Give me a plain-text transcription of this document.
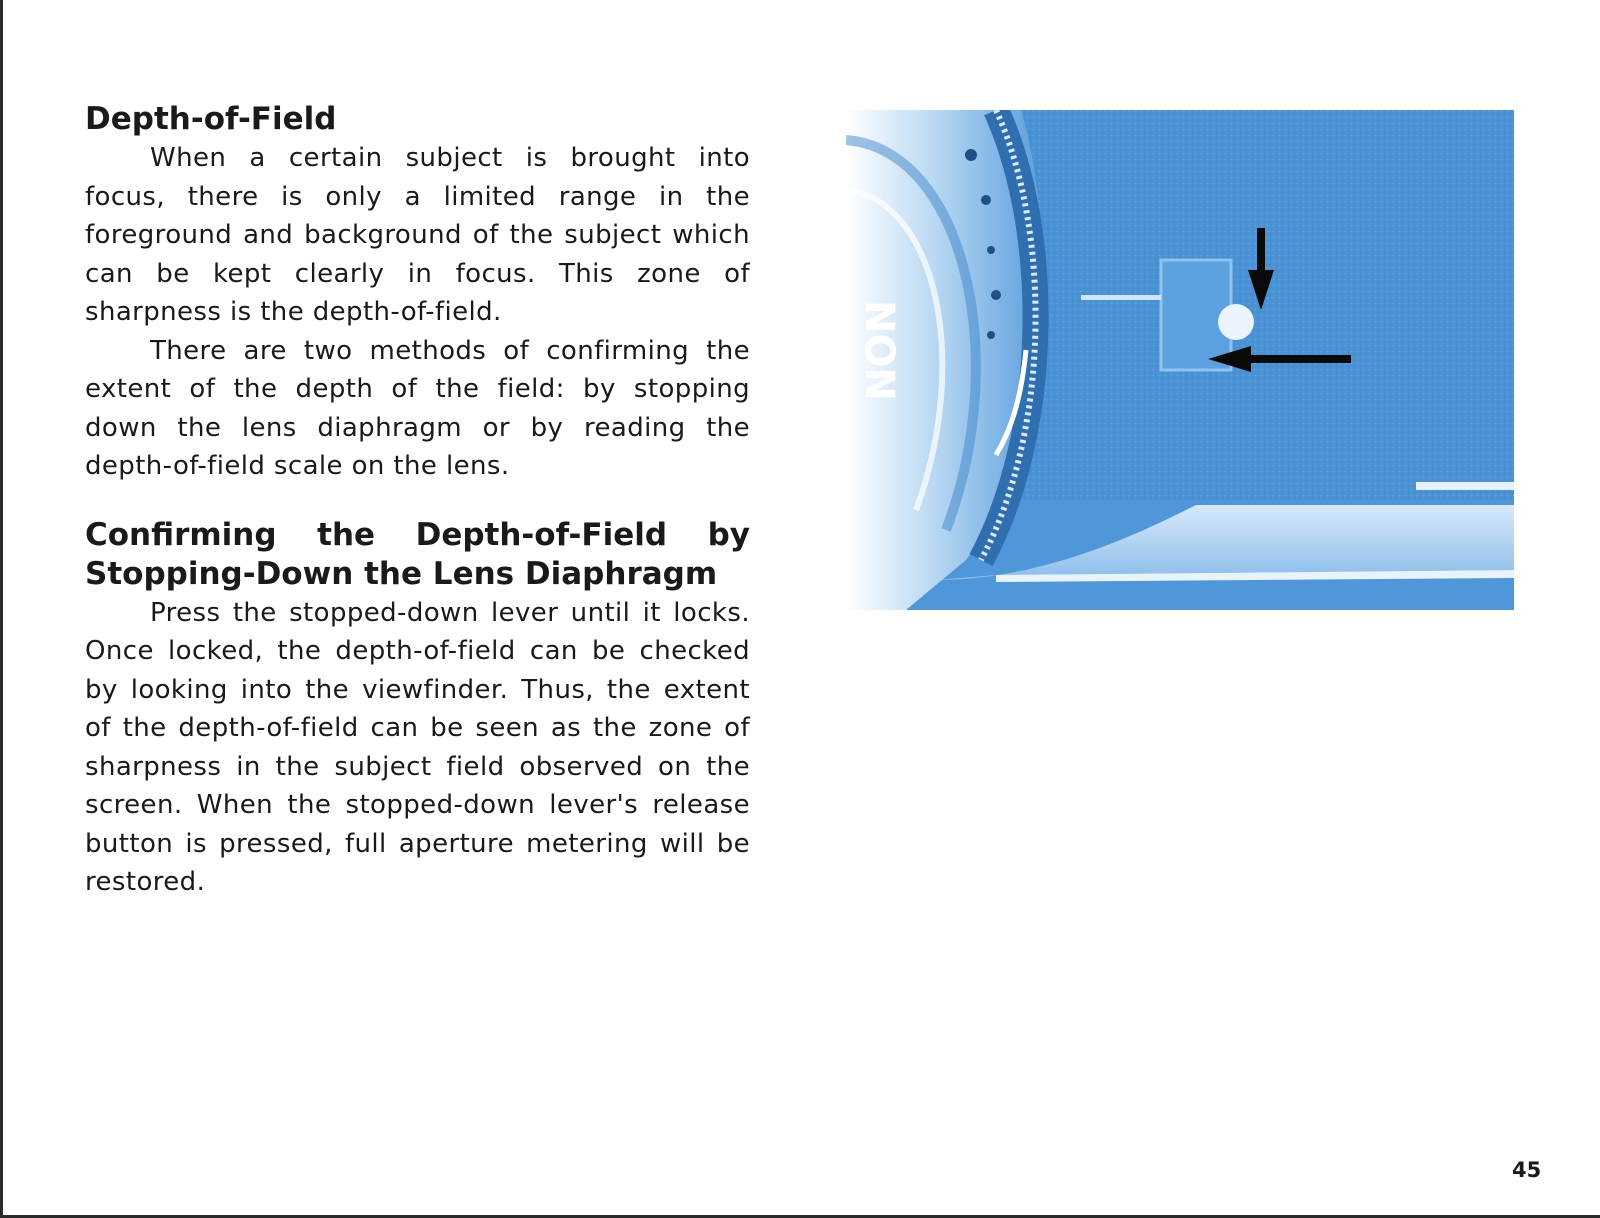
Depth-of-Field

When a certain subject is brought into focus, there is only a limited range in the foreground and background of the subject which can be kept clearly in focus. This zone of sharpness is the depth-of-field.

There are two methods of confirming the extent of the depth of the field: by stopping down the lens diaphragm or by reading the depth-of-field scale on the lens.

Confirming the Depth-of-Field by Stopping-Down the Lens Diaphragm

Press the stopped-down lever until it locks. Once locked, the depth-of-field can be checked by looking into the viewfinder. Thus, the extent of the depth-of-field can be seen as the zone of sharpness in the subject field observed on the screen. When the stopped-down lever's release button is pressed, full aperture metering will be restored.

NON
45
